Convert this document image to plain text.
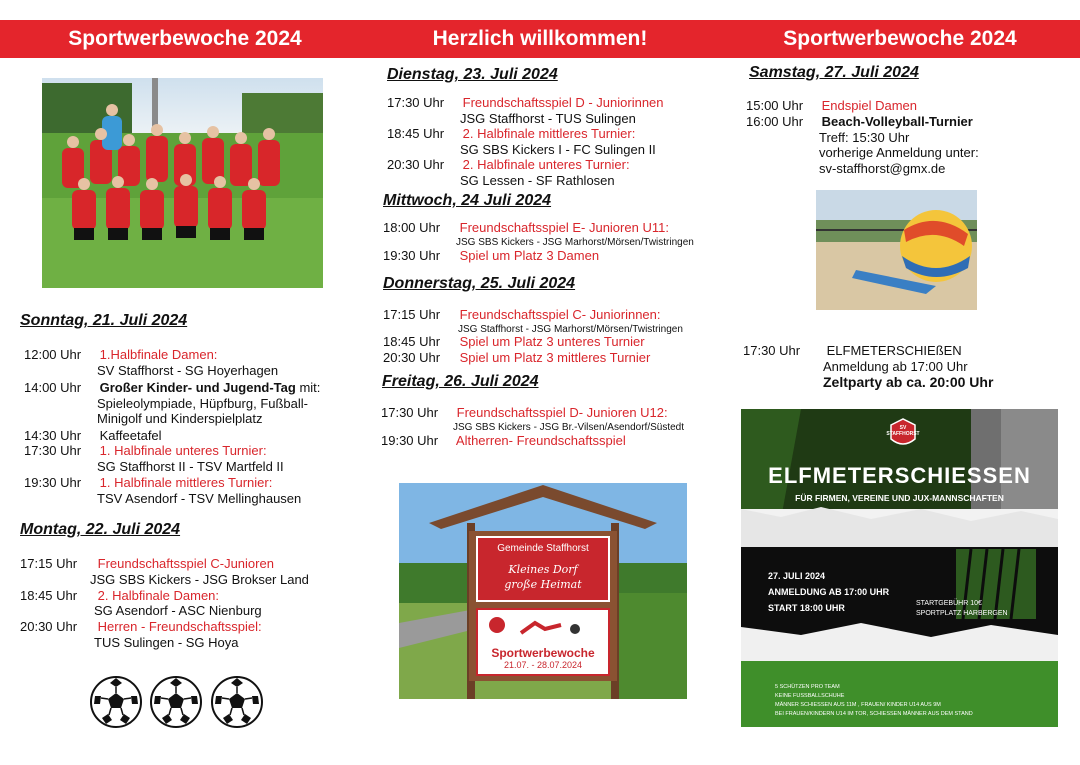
Sportwerbewoche 2024	Herzlich willkommen!	Sportwerbewoche 2024
Sonntag, 21. Juli 2024
12:00 Uhr 1.Halbfinale Damen:
SV Staffhorst - SG Hoyerhagen
14:00 Uhr Großer Kinder- und Jugend-Tag mit:
Spieleolympiade, Hüpfburg, Fußball-
Minigolf und Kinderspielplatz
14:30 Uhr Kaffeetafel
17:30 Uhr 1. Halbfinale unteres Turnier:
SG Staffhorst II - TSV Martfeld II
19:30 Uhr 1. Halbfinale mittleres Turnier:
TSV Asendorf - TSV Mellinghausen
Montag, 22. Juli 2024
17:15 Uhr Freundschaftsspiel C-Junioren
JSG SBS Kickers - JSG Brokser Land
18:45 Uhr 2. Halbfinale Damen:
SG Asendorf - ASC Nienburg
20:30 Uhr Herren - Freundschaftsspiel:
TUS Sulingen - SG Hoya
Dienstag, 23. Juli 2024
17:30 Uhr Freundschaftsspiel D - Juniorinnen
JSG Staffhorst - TUS Sulingen
18:45 Uhr 2. Halbfinale mittleres Turnier:
SG SBS Kickers I - FC Sulingen II
20:30 Uhr 2. Halbfinale unteres Turnier:
SG Lessen - SF Rathlosen
Mittwoch, 24 Juli 2024
18:00 Uhr Freundschaftsspiel E- Junioren U11:
JSG SBS Kickers - JSG Marhorst/Mörsen/Twistringen
19:30 Uhr Spiel um Platz 3 Damen
Donnerstag, 25. Juli 2024
17:15 Uhr Freundschaftsspiel C- Juniorinnen:
JSG Staffhorst - JSG Marhorst/Mörsen/Twistringen
18:45 Uhr Spiel um Platz 3 unteres Turnier
20:30 Uhr Spiel um Platz 3 mittleres Turnier
Freitag, 26. Juli 2024
17:30 Uhr Freundschaftsspiel D- Junioren U12:
JSG SBS Kickers - JSG Br.-Vilsen/Asendorf/Süstedt
19:30 Uhr Altherren- Freundschaftsspiel
Gemeinde Staffhorst
Kleines Dorf
große Heimat
Sportwerbewoche
21.07. - 28.07.2024
Samstag, 27. Juli 2024
15:00 Uhr Endspiel Damen
16:00 Uhr Beach-Volleyball-Turnier
Treff: 15:30 Uhr
vorherige Anmeldung unter:
sv-staffhorst@gmx.de
17:30 Uhr ELFMETERSCHIEßEN
Anmeldung ab 17:00 Uhr
Zeltparty ab ca. 20:00 Uhr
SV STAFFHORST
ELFMETERSCHIESSEN
FÜR FIRMEN, VEREINE UND JUX-MANNSCHAFTEN
27. JULI 2024
ANMELDUNG AB 17:00 UHR
START 18:00 UHR	STARTGEBÜHR 10€
SPORTPLATZ HARBERGEN
5 SCHÜTZEN PRO TEAM
KEINE FUSSBALLSCHUHE
MÄNNER SCHIESSEN AUS 11M , FRAUEN/ KINDER U14 AUS 9M
BEI FRAUEN/KINDERN U14 IM TOR, SCHIESSEN MÄNNER AUS DEM STAND
